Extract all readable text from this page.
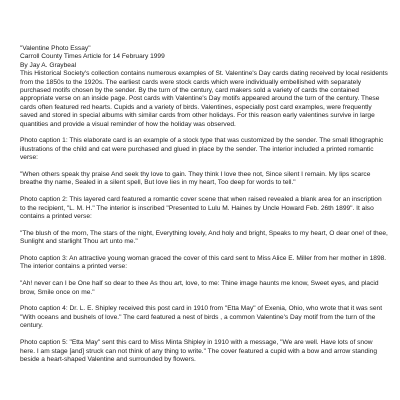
"Valentine Photo Essay"

Carroll County Times Article for 14 February 1999

By Jay A. Graybeal

This Historical Society's collection contains numerous examples of St. Valentine's Day cards dating received by local residents from the 1850s to the 1920s. The earliest cards were stock cards which were individually embellished with separately purchased motifs chosen by the sender. By the turn of the century, card makers sold a variety of cards the contained appropriate verse on an inside page. Post cards with Valentine's Day motifs appeared around the turn of the century. These cards often featured red hearts. Cupids and a variety of birds. Valentines, especially post card examples, were frequently saved and stored in special albums with similar cards from other holidays. For this reason early valentines survive in large quantities and provide a visual reminder of how the holiday was observed.

Photo caption 1: This elaborate card is an example of a stock type that was customized by the sender. The small lithographic illustrations of the child and cat were purchased and glued in place by the sender. The interior included a printed romantic verse:

"When others speak thy praise And seek thy love to gain. They think I love thee not, Since silent I remain. My lips scarce breathe thy name, Sealed in a silent spell, But love lies in my heart, Too deep for words to tell."

Photo caption 2: This layered card featured a romantic cover scene that when raised revealed a blank area for an inscription to the recipient, "L. M. H." The interior is inscribed "Presented to Lulu M. Haines by Uncle Howard Feb. 26th 1899". It also contains a printed verse:

"The blush of the morn, The stars of the night, Everything lovely, And holy and bright, Speaks to my heart, O dear one! of thee, Sunlight and starlight Thou art unto me."

Photo caption 3: An attractive young woman graced the cover of this card sent to Miss Alice E. Miller from her mother in 1898. The interior contains a printed verse:

"Ah! never can I be One half so dear to thee As thou art, love, to me: Thine image haunts me know, Sweet eyes, and placid brow, Smile once on me."

Photo caption 4: Dr. L. E. Shipley received this post card in 1910 from "Etta May" of Exenia, Ohio, who wrote that it was sent "With oceans and bushels of love." The card featured a nest of birds , a common Valentine's Day motif from the turn of the century.

Photo caption 5: "Etta May" sent this card to Miss Minta Shipley in 1910 with a message, "We are well. Have lots of snow here. I am stage [and] struck can not think of any thing to write." The cover featured a cupid with a bow and arrow standing beside a heart-shaped Valentine and surrounded by flowers.
